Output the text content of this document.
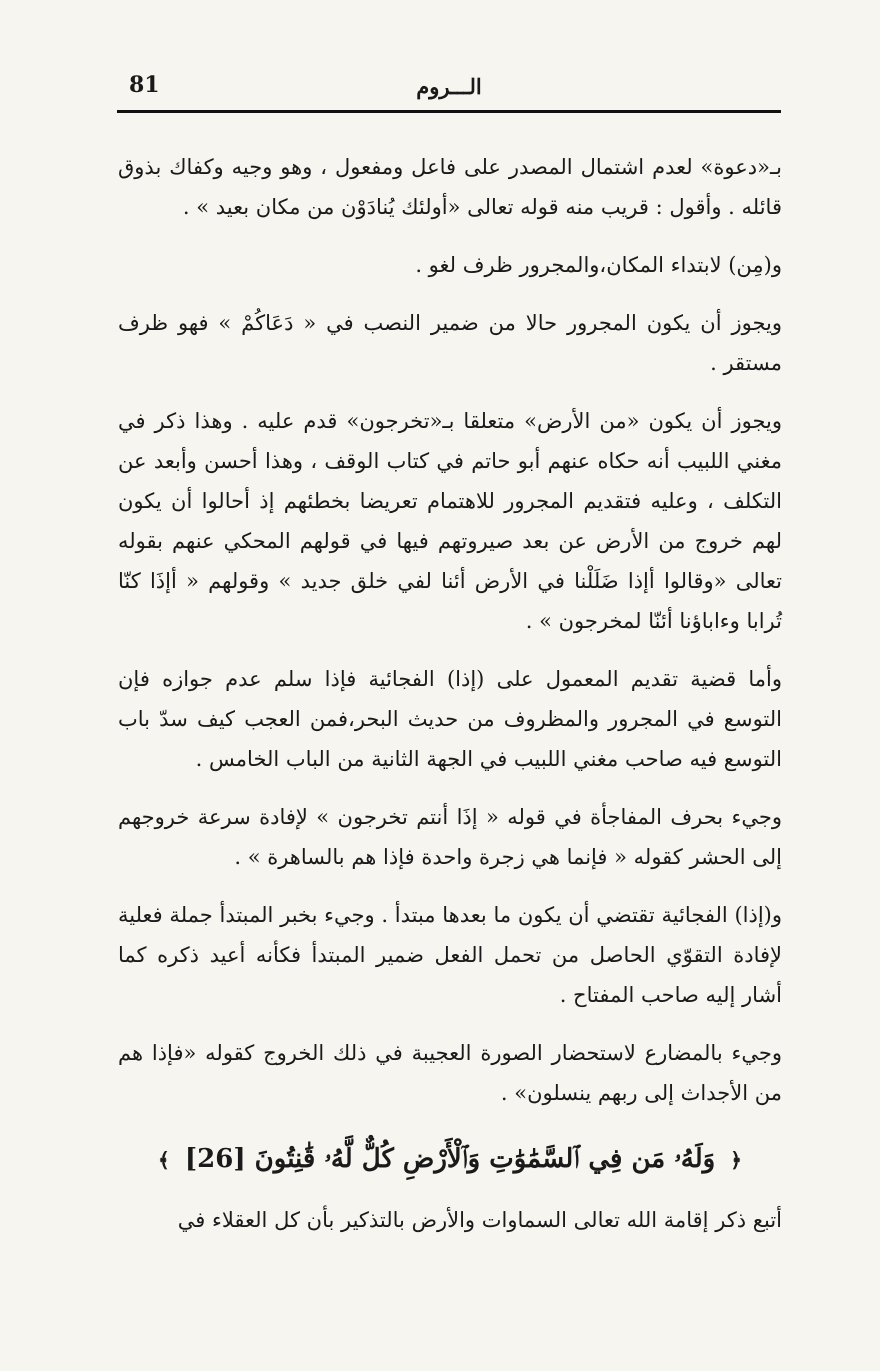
81	الـــروم

بـ«دعوة» لعدم اشتمال المصدر على فاعل ومفعول ، وهو وجيه وكفاك بذوق قائله . وأقول : قريب منه قوله تعالى «أولئك يُنادَوْن من مكان بعيد » .

و(مِن) لابتداء المكان،والمجرور ظرف لغو .

ويجوز أن يكون المجرور حالا من ضمير النصب في « دَعَاكُمْ » فهو ظرف مستقر .

ويجوز أن يكون «من الأرض» متعلقا بـ«تخرجون» قدم عليه . وهذا ذكر في مغني اللبيب أنه حكاه عنهم أبو حاتم في كتاب الوقف ، وهذا أحسن وأبعد عن التكلف ، وعليه فتقديم المجرور للاهتمام تعريضا بخطئهم إذ أحالوا أن يكون لهم خروج من الأرض عن بعد صيروتهم فيها في قولهم المحكي عنهم بقوله تعالى «وقالوا أإذا ضَلَلْنا في الأرض أئنا لفي خلق جديد » وقولهم « أإذَا كنّا تُرابا وءاباؤنا أئنّا لمخرجون » .

وأما قضية تقديم المعمول على (إذا) الفجائية فإذا سلم عدم جوازه فإن التوسع في المجرور والمظروف من حديث البحر،فمن العجب كيف سدّ باب التوسع فيه صاحب مغني اللبيب في الجهة الثانية من الباب الخامس .

وجيء بحرف المفاجأة في قوله « إذَا أنتم تخرجون » لإفادة سرعة خروجهم إلى الحشر كقوله « فإنما هي زجرة واحدة فإذا هم بالساهرة » .

و(إذا) الفجائية تقتضي أن يكون ما بعدها مبتدأ . وجيء بخبر المبتدأ جملة فعلية لإفادة التقوّي الحاصل من تحمل الفعل ضمير المبتدأ فكأنه أعيد ذكره كما أشار إليه صاحب المفتاح .

وجيء بالمضارع لاستحضار الصورة العجيبة في ذلك الخروج كقوله «فإذا هم من الأجداث إلى ربهم ينسلون» .

﴿ وَلَهُۥ مَن فِي ٱلسَّمَٰوَٰتِ وَٱلْأَرْضِ كُلٌّ لَّهُۥ قَٰنِتُونَ [26] ﴾

أتبع ذكر إقامة الله تعالى السماوات والأرض بالتذكير بأن كل العقلاء في
